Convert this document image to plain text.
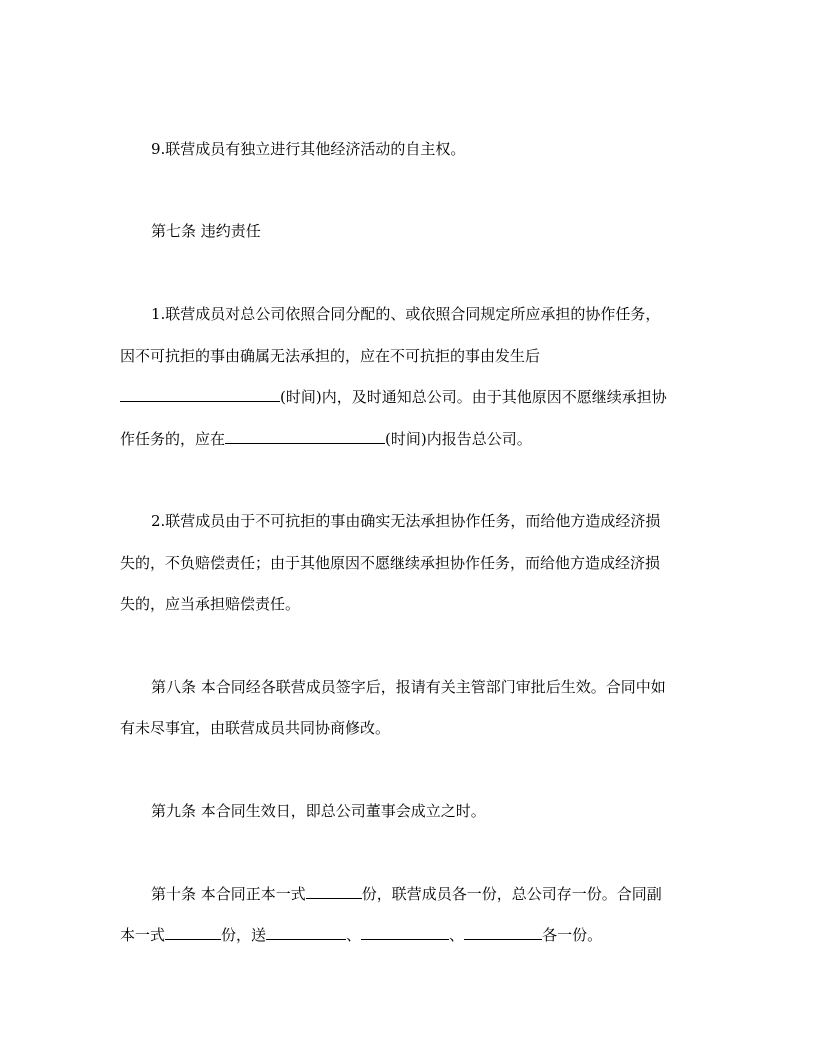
9.联营成员有独立进行其他经济活动的自主权。
第七条 违约责任
1.联营成员对总公司依照合同分配的、或依照合同规定所应承担的协作任务，
因不可抗拒的事由确属无法承担的，应在不可抗拒的事由发生后
(时间)内，及时通知总公司。由于其他原因不愿继续承担协
作任务的，应在	(时间)内报告总公司。
2.联营成员由于不可抗拒的事由确实无法承担协作任务，而给他方造成经济损
失的，不负赔偿责任；由于其他原因不愿继续承担协作任务，而给他方造成经济损
失的，应当承担赔偿责任。
第八条 本合同经各联营成员签字后，报请有关主管部门审批后生效。合同中如
有未尽事宜，由联营成员共同协商修改。
第九条 本合同生效日，即总公司董事会成立之时。
第十条 本合同正本一式	份，联营成员各一份，总公司存一份。合同副
本一式	份，送	、	、	各一份。
